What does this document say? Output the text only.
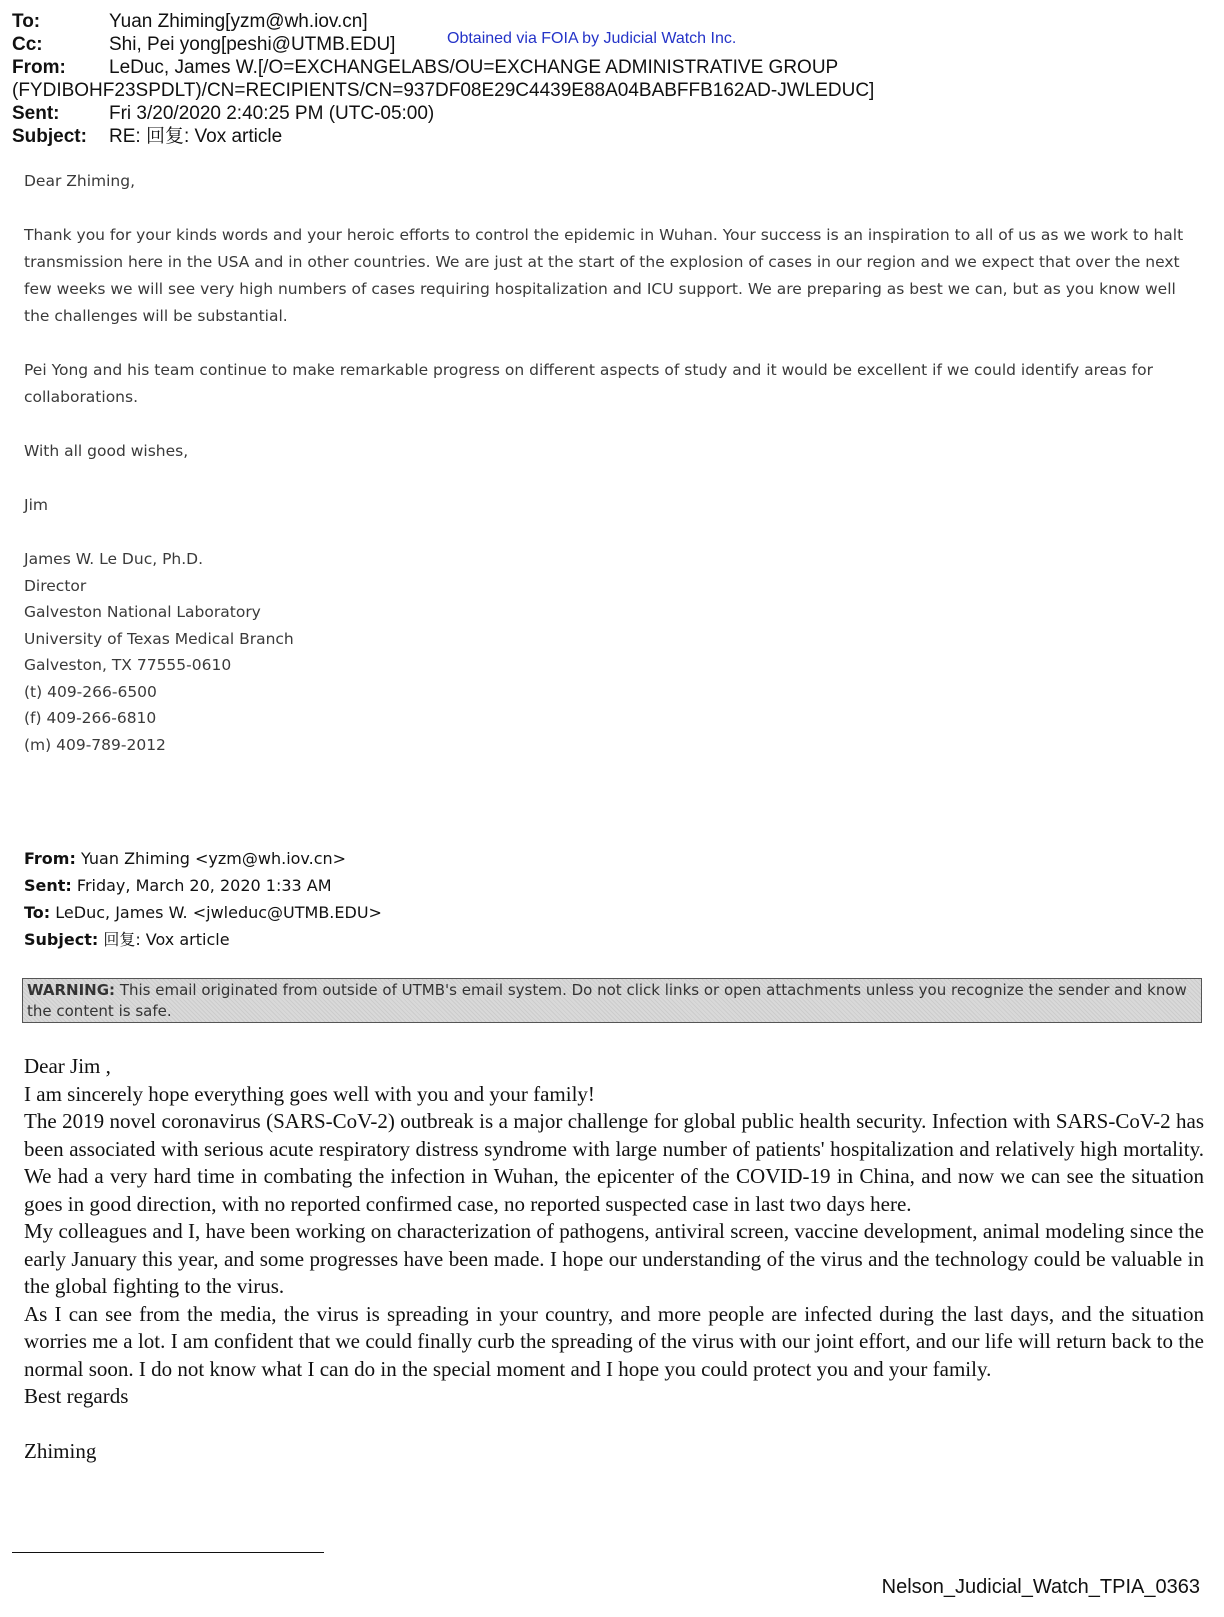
To:	Yuan Zhiming[yzm@wh.iov.cn]
Cc:	Shi, Pei yong[peshi@UTMB.EDU]
From:	LeDuc, James W.[/O=EXCHANGELABS/OU=EXCHANGE ADMINISTRATIVE GROUP
(FYDIBOHF23SPDLT)/CN=RECIPIENTS/CN=937DF08E29C4439E88A04BABFFB162AD-JWLEDUC]
Sent:	Fri 3/20/2020 2:40:25 PM (UTC-05:00)
Subject:	RE: 回复: Vox article
Obtained via FOIA by Judicial Watch Inc.

Dear Zhiming,

Thank you for your kinds words and your heroic efforts to control the epidemic in Wuhan. Your success is an inspiration to all of us as we work to halt transmission here in the USA and in other countries. We are just at the start of the explosion of cases in our region and we expect that over the next few weeks we will see very high numbers of cases requiring hospitalization and ICU support. We are preparing as best we can, but as you know well the challenges will be substantial.

Pei Yong and his team continue to make remarkable progress on different aspects of study and it would be excellent if we could identify areas for collaborations.

With all good wishes,

Jim

James W. Le Duc, Ph.D.
Director
Galveston National Laboratory
University of Texas Medical Branch
Galveston, TX 77555-0610
(t) 409-266-6500
(f) 409-266-6810
(m) 409-789-2012
From: Yuan Zhiming <yzm@wh.iov.cn>
Sent: Friday, March 20, 2020 1:33 AM
To: LeDuc, James W. <jwleduc@UTMB.EDU>
Subject: 回复: Vox article
WARNING: This email originated from outside of UTMB's email system. Do not click links or open attachments unless you recognize the sender and know the content is safe.

Dear Jim ,

I am sincerely hope everything goes well with you and your family!

The 2019 novel coronavirus (SARS-CoV-2) outbreak is a major challenge for global public health security. Infection with SARS-CoV-2 has been associated with serious acute respiratory distress syndrome with large number of patients' hospitalization and relatively high mortality. We had a very hard time in combating the infection in Wuhan, the epicenter of the COVID-19 in China, and now we can see the situation goes in good direction, with no reported confirmed case, no reported suspected case in last two days here.

My colleagues and I, have been working on characterization of pathogens, antiviral screen, vaccine development, animal modeling since the early January this year, and some progresses have been made. I hope our understanding of the virus and the technology could be valuable in the global fighting to the virus.

As I can see from the media, the virus is spreading in your country, and more people are infected during the last days, and the situation worries me a lot. I am confident that we could finally curb the spreading of the virus with our joint effort, and our life will return back to the normal soon. I do not know what I can do in the special moment and I hope you could protect you and your family.

Best regards

Zhiming

Nelson_Judicial_Watch_TPIA_0363
